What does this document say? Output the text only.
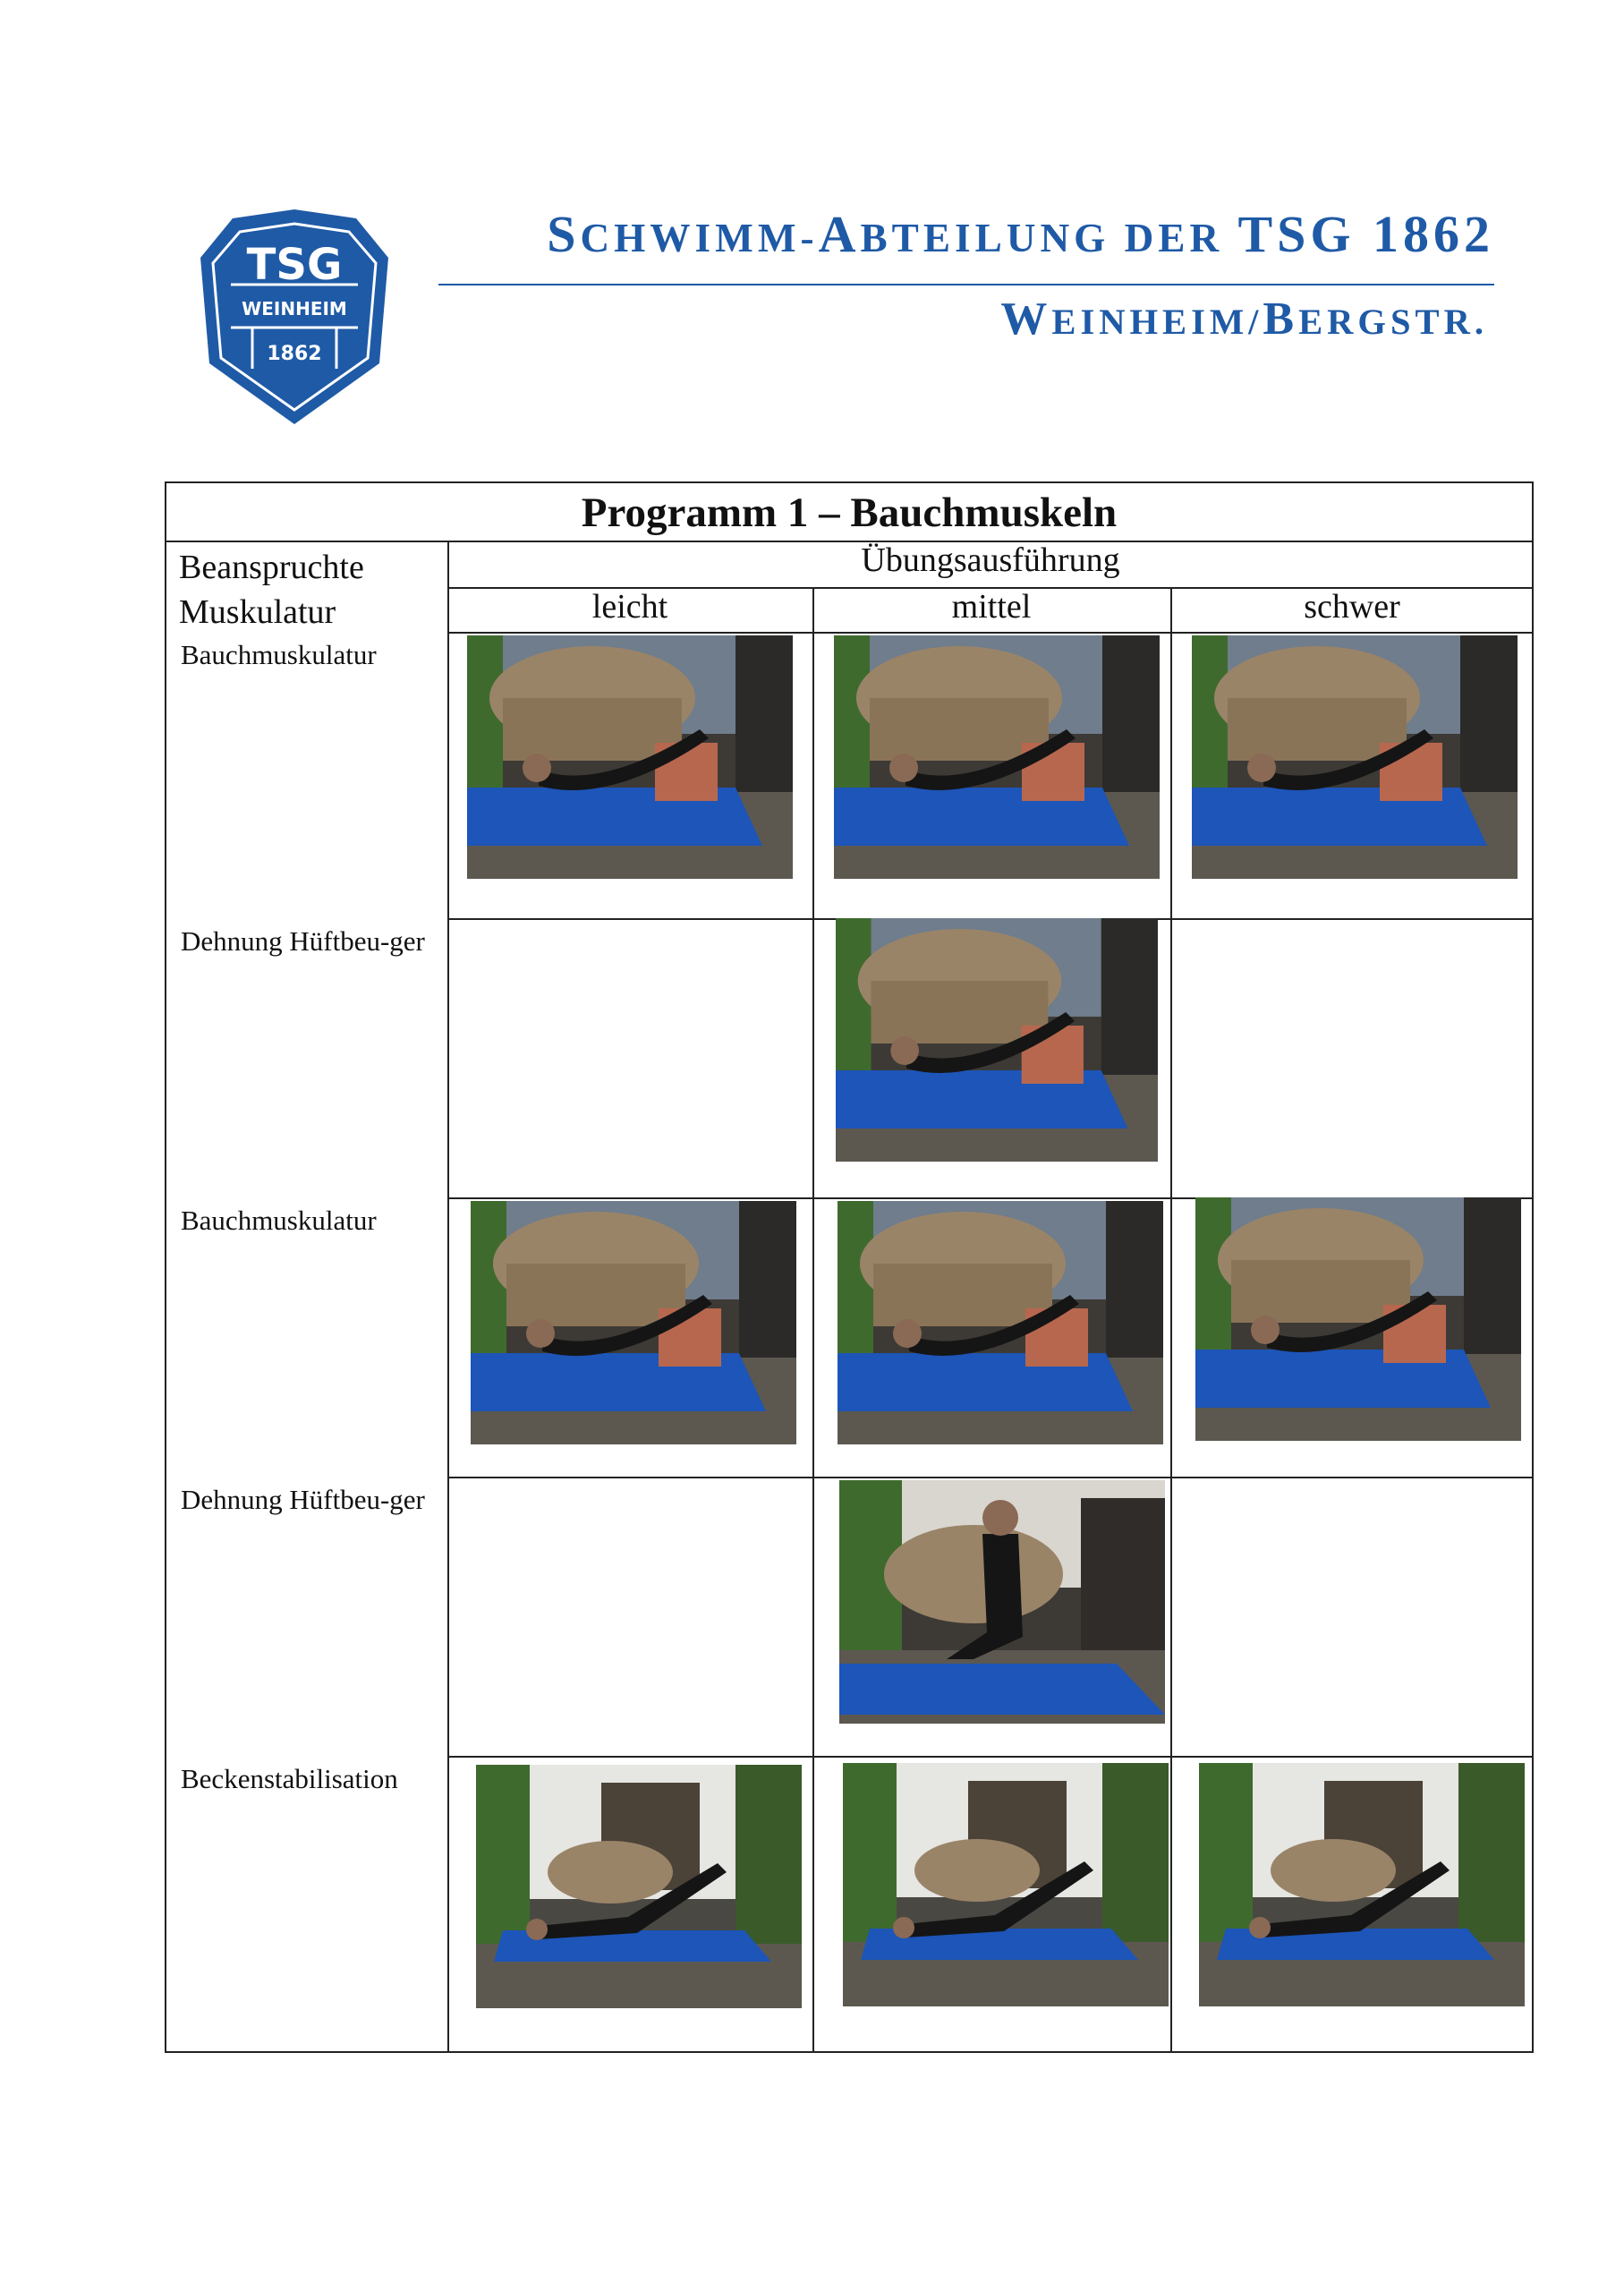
TSG
WEINHEIM
1862
SCHWIMM-ABTEILUNG DER TSG 1862
WEINHEIM/BERGSTR.
Programm 1 – Bauchmuskeln
Übungsausführung
leicht	mittel	schwer
Beanspruchte
Muskulatur
Bauchmuskulatur
Dehnung Hüftbeu-ger
Bauchmuskulatur
Dehnung Hüftbeu-ger
Beckenstabilisation
